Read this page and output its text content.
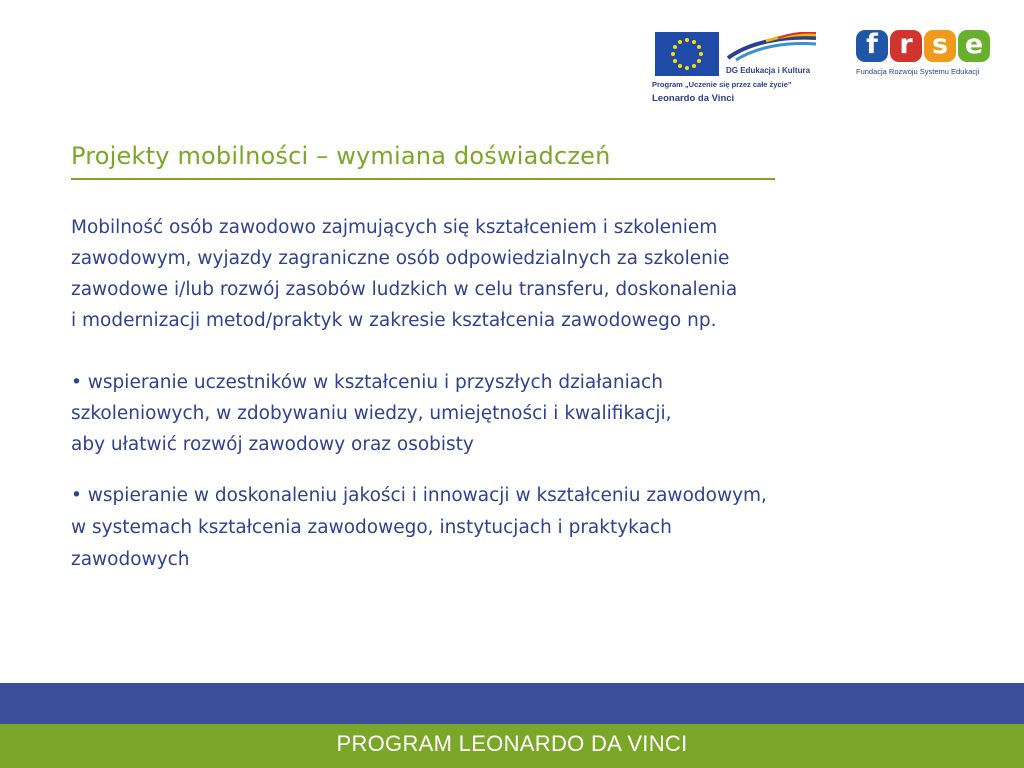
DG Edukacja i Kultura
Program „Uczenie się przez całe życie”
Leonardo da Vinci
f r s e
Fundacja Rozwoju Systemu Edukacji
Projekty mobilności – wymiana doświadczeń
Mobilność osób zawodowo zajmujących się kształceniem i szkoleniem
zawodowym, wyjazdy zagraniczne osób odpowiedzialnych za szkolenie
zawodowe i/lub rozwój zasobów ludzkich w celu transferu, doskonalenia
i modernizacji metod/praktyk w zakresie kształcenia zawodowego np.
• wspieranie uczestników w kształceniu i przyszłych działaniach
szkoleniowych, w zdobywaniu wiedzy, umiejętności i kwalifikacji,
aby ułatwić rozwój zawodowy oraz osobisty
• wspieranie w doskonaleniu jakości i innowacji w kształceniu zawodowym,
w systemach kształcenia zawodowego, instytucjach i praktykach
zawodowych
PROGRAM LEONARDO DA VINCI
